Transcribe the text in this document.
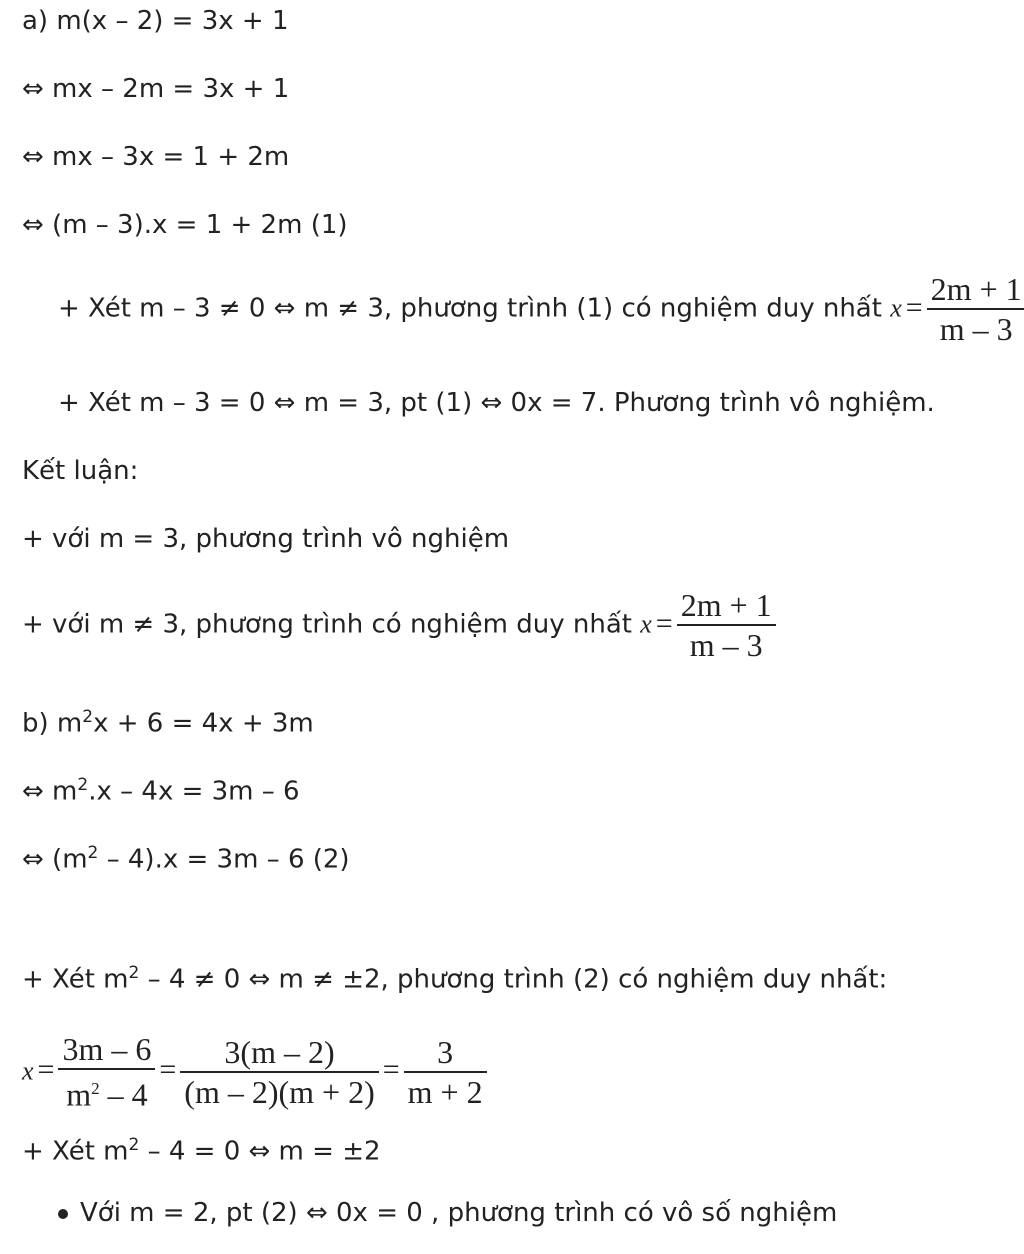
a) m(x – 2) = 3x + 1
⇔ mx – 2m = 3x + 1
⇔ mx – 3x = 1 + 2m
⇔ (m – 3).x = 1 + 2m (1)
+ Xét m – 3 ≠ 0 ⇔ m ≠ 3, phương trình (1) có nghiệm duy nhất $x = \frac{2m + 1}{m - 3}$
+ Xét m – 3 = 0 ⇔ m = 3, pt (1) ⇔ 0x = 7. Phương trình vô nghiệm.
Kết luận:
+ với m = 3, phương trình vô nghiệm
+ với m ≠ 3, phương trình có nghiệm duy nhất $x = \frac{2m + 1}{m - 3}$
b) $m^2x + 6 = 4x + 3m$
⇔ $m^2.x - 4x = 3m - 6$
⇔ $(m^2 - 4).x = 3m - 6$ (2)
+ Xét $m^2 - 4 \ne 0$ ⇔ m ≠ ±2, phương trình (2) có nghiệm duy nhất:
$x = \frac{3m - 6}{m^2 - 4} = \frac{3(m - 2)}{(m - 2)(m + 2)} = \frac{3}{m + 2}$
+ Xét $m^2 - 4 = 0$ ⇔ m = ±2
Với m = 2, pt (2) ⇔ 0x = 0 , phương trình có vô số nghiệm
